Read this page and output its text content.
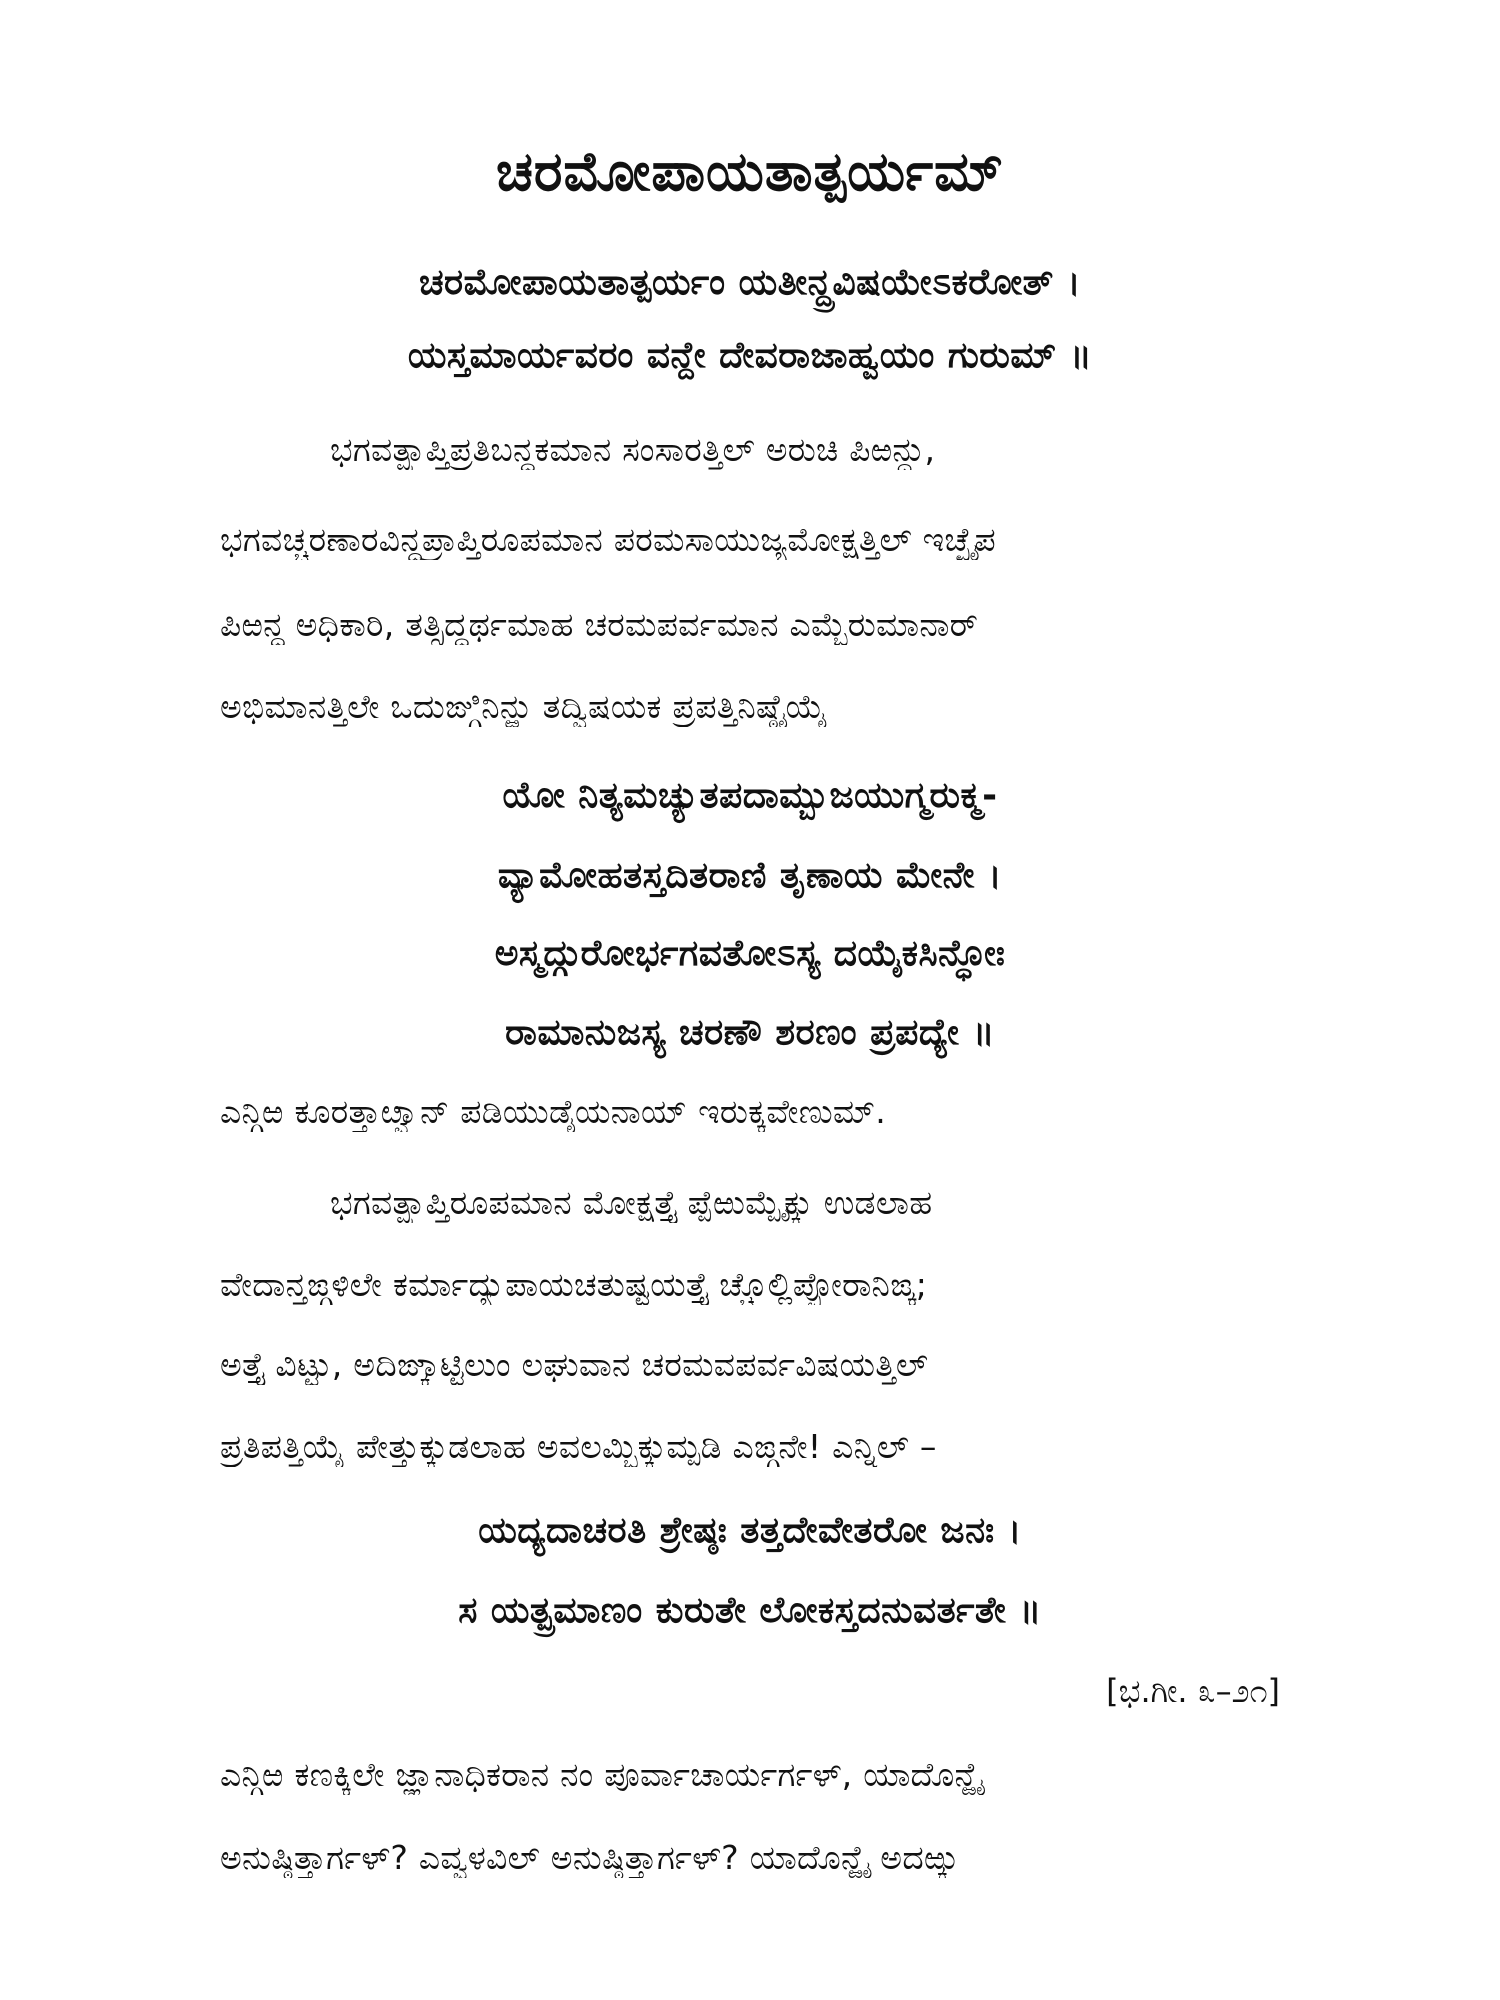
ಚರಮೋಪಾಯತಾತ್ಪರ್ಯಮ್
ಚರಮೋಪಾಯತಾತ್ಪರ್ಯಂ ಯತೀನ್ದ್ರವಿಷಯೇಽಕರೋತ್ ।
ಯಸ್ತಮಾರ್ಯವರಂ ವನ್ದೇ ದೇವರಾಜಾಹ್ವಯಂ ಗುರುಮ್ ॥
ಭಗವತ್ಪ್ರಾಪ್ತಿಪ್ರತಿಬನ್ಧಕಮಾನ ಸಂಸಾರತ್ತಿಲ್ ಅರುಚಿ ಪಿಱನ್ದು,
ಭಗವಚ್ಚರಣಾರವಿನ್ದಪ್ರಾಪ್ತಿರೂಪಮಾನ ಪರಮಸಾಯುಜ್ಯಮೋಕ್ಷತ್ತಿಲ್ ಇಚ್ಛೈಪ
ಪಿಱನ್ದ ಅಧಿಕಾರಿ, ತತ್ಸಿದ್ಧ್ಯರ್ಥಮಾಹ ಚರಮಪರ್ವಮಾನ ಎಮ್ಬೆರುಮಾನಾರ್
ಅಭಿಮಾನತ್ತಿಲೇ ಒದುಙ್ಗಿನಿನ್ಱು ತದ್ವಿಷಯಕ ಪ್ರಪತ್ತಿನಿಷ್ಠೈಯೈ
ಯೋ ನಿತ್ಯಮಚ್ಯುತಪದಾಮ್ಬುಜಯುಗ್ಮರುಕ್ಮ-
ವ್ಯಾಮೋಹತಸ್ತದಿತರಾಣಿ ತೃಣಾಯ ಮೇನೇ ।
ಅಸ್ಮದ್ಗುರೋರ್ಭಗವತೋಽಸ್ಯ ದಯೈಕಸಿನ್ಧೋಃ
ರಾಮಾನುಜಸ್ಯ ಚರಣೌ ಶರಣಂ ಪ್ರಪದ್ಯೇ ॥
ಎನ್ಗಿಱ ಕೂರತ್ತಾೞ್ವಾನ್ ಪಡಿಯುಡೈಯನಾಯ್ ಇರುಕ್ಕವೇಣುಮ್.
ಭಗವತ್ಪ್ರಾಪ್ತಿರೂಪಮಾನ ಮೋಕ್ಷತ್ತೈ ಪ್ಪೆಱುಮ್ಪೈಕ್ಕು ಉಡಲಾಹ
ವೇದಾನ್ತಙ್ಗಳಿಲೇ ಕರ್ಮಾದ್ಯುಪಾಯಚತುಷ್ಟಯತ್ತೈ ಚ್ಚೊಲ್ಲಿಪ್ಪೋರಾನಿಙ್ಕ;
ಅತ್ತೈ ವಿಟ್ಟು, ಅದಿಙ್ಕಾಟ್ಟಿಲುಂ ಲಘುವಾನ ಚರಮವಪರ್ವವಿಷಯತ್ತಿಲ್
ಪ್ರತಿಪತ್ತಿಯೈ ಪೇತ್ತುಕ್ಕುಡಲಾಹ ಅವಲಮ್ಬಿಕ್ಕುಮ್ಪಡಿ ಎಙ್ಗನೇ! ಎನ್ನಿಲ್ –
ಯದ್ಯದಾಚರತಿ ಶ್ರೇಷ್ಠಃ ತತ್ತದೇವೇತರೋ ಜನಃ ।
ಸ ಯತ್ಪ್ರಮಾಣಂ ಕುರುತೇ ಲೋಕಸ್ತದನುವರ್ತತೇ ॥
[ಭ.ಗೀ. ೩–೨೧]
ಎನ್ಗಿಱ ಕಣಕ್ಕಿಲೇ ಜ್ಞಾನಾಧಿಕರಾನ ನಂ ಪೂರ್ವಾಚಾರ್ಯರ್ಗಳ್, ಯಾದೊನ್ಱೈ
ಅನುಷ್ಠಿತ್ತಾರ್ಗಳ್? ಎವ್ವಳವಿಲ್ ಅನುಷ್ಠಿತ್ತಾರ್ಗಳ್? ಯಾದೊನ್ಱೈ ಅದಱ್ಕು
